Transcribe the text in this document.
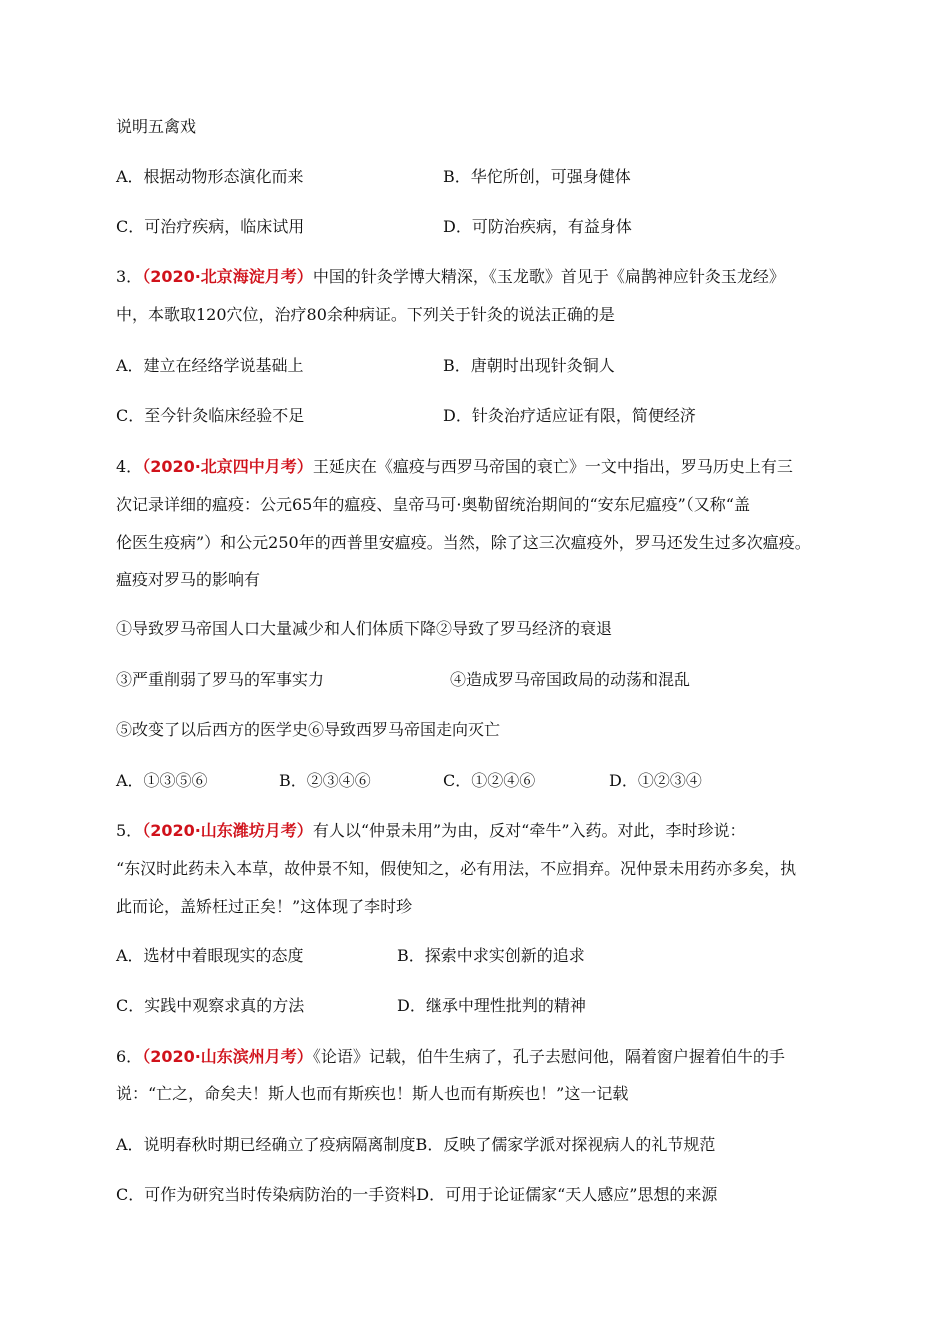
说明五禽戏
A．根据动物形态演化而来	B．华佗所创，可强身健体
C．可治疗疾病，临床试用	D．可防治疾病，有益身体
3．（2020·北京海淀月考）中国的针灸学博大精深，《玉龙歌》首见于《扁鹊神应针灸玉龙经》
中，本歌取120穴位，治疗80余种病证。下列关于针灸的说法正确的是
A．建立在经络学说基础上	B．唐朝时出现针灸铜人
C．至今针灸临床经验不足	D．针灸治疗适应证有限，简便经济
4．（2020·北京四中月考）王延庆在《瘟疫与西罗马帝国的衰亡》一文中指出，罗马历史上有三
次记录详细的瘟疫：公元65年的瘟疫、皇帝马可·奥勒留统治期间的“安东尼瘟疫”（又称“盖
伦医生疫病”）和公元250年的西普里安瘟疫。当然，除了这三次瘟疫外，罗马还发生过多次瘟疫。
瘟疫对罗马的影响有
①导致罗马帝国人口大量减少和人们体质下降②导致了罗马经济的衰退
③严重削弱了罗马的军事实力	④造成罗马帝国政局的动荡和混乱
⑤改变了以后西方的医学史⑥导致西罗马帝国走向灭亡
A．①③⑤⑥	B．②③④⑥	C．①②④⑥	D．①②③④
5．（2020·山东潍坊月考）有人以“仲景未用”为由，反对“牵牛”入药。对此，李时珍说：
“东汉时此药未入本草，故仲景不知，假使知之，必有用法，不应捐弃。况仲景未用药亦多矣，执
此而论，盖矫枉过正矣！”这体现了李时珍
A．选材中着眼现实的态度	B．探索中求实创新的追求
C．实践中观察求真的方法	D．继承中理性批判的精神
6．（2020·山东滨州月考）《论语》记载，伯牛生病了，孔子去慰问他，隔着窗户握着伯牛的手
说：“亡之，命矣夫！斯人也而有斯疾也！斯人也而有斯疾也！”这一记载
A．说明春秋时期已经确立了疫病隔离制度B．反映了儒家学派对探视病人的礼节规范
C．可作为研究当时传染病防治的一手资料D．可用于论证儒家“天人感应”思想的来源
